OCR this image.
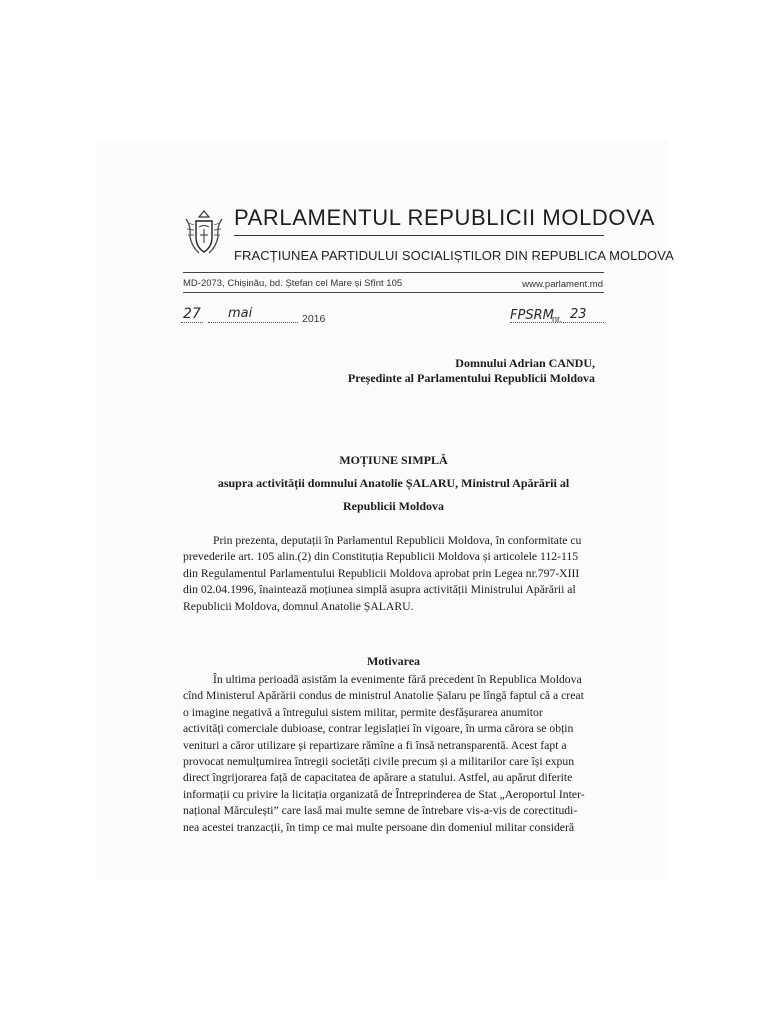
PARLAMENTUL REPUBLICII MOLDOVA
FRACȚIUNEA PARTIDULUI SOCIALIȘTILOR DIN REPUBLICA MOLDOVA
MD-2073, Chișinău, bd. Ștefan cel Mare și Sfînt 105	www.parlament.md
27 mai	2016	FPSRM
nr. 23
Domnului Adrian CANDU,
Președinte al Parlamentului Republicii Moldova
MOȚIUNE SIMPLĂ
asupra activității domnului Anatolie ȘALARU, Ministrul Apărării al
Republicii Moldova
Prin prezenta, deputații în Parlamentul Republicii Moldova, în conformitate cu
prevederile art. 105 alin.(2) din Constituția Republicii Moldova și articolele 112-115
din Regulamentul Parlamentului Republicii Moldova aprobat prin Legea nr.797-XIII
din 02.04.1996, înaintează moțiunea simplă asupra activității Ministrului Apărării al
Republicii Moldova, domnul Anatolie ȘALARU.
Motivarea
În ultima perioadă asistăm la evenimente fără precedent în Republica Moldova
cînd Ministerul Apărării condus de ministrul Anatolie Șalaru pe lîngă faptul că a creat
o imagine negativă a întregului sistem militar, permite desfășurarea anumitor
activități comerciale dubioase, contrar legislației în vigoare, în urma cărora se obțin
venituri a căror utilizare și repartizare rămîne a fi însă netransparentă. Acest fapt a
provocat nemulțumirea întregii societăți civile precum și a militarilor care își expun
direct îngrijorarea față de capacitatea de apărare a statului. Astfel, au apărut diferite
informații cu privire la licitația organizată de Întreprinderea de Stat „Aeroportul Inter-
național Mărculești” care lasă mai multe semne de întrebare vis-a-vis de corectitudi-
nea acestei tranzacții, în timp ce mai multe persoane din domeniul militar consideră
